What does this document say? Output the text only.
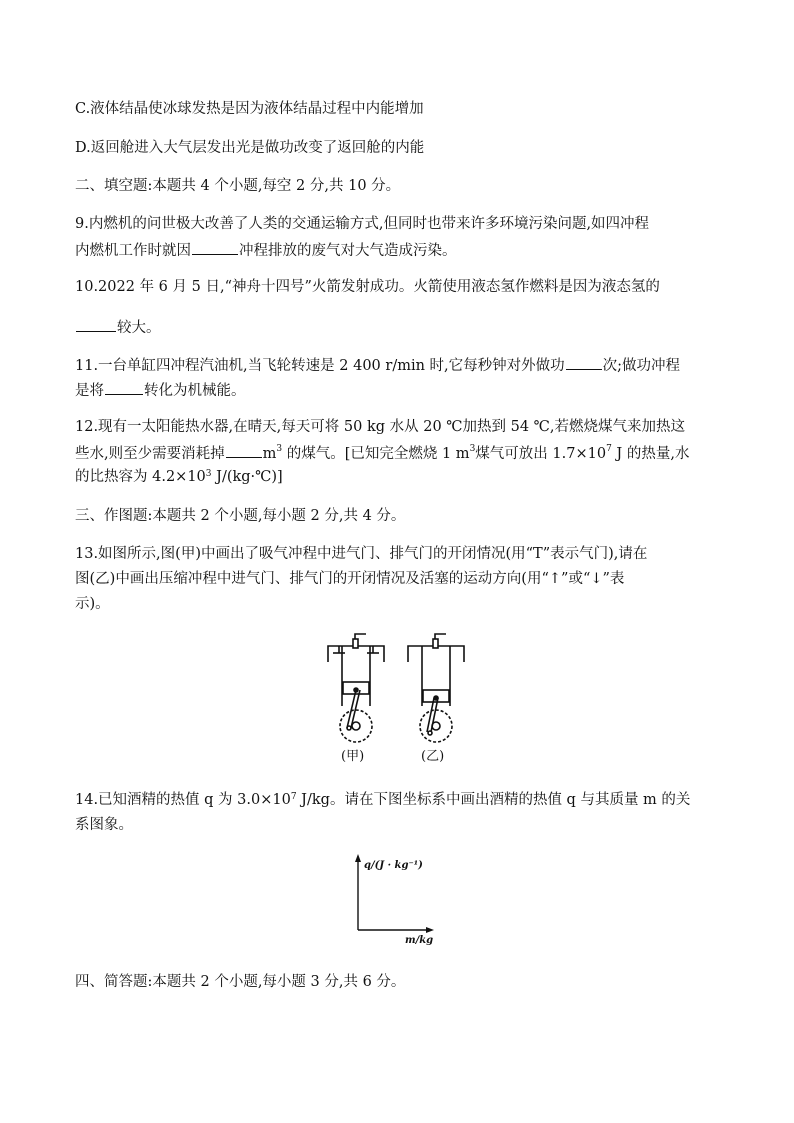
C.液体结晶使冰球发热是因为液体结晶过程中内能增加
D.返回舱进入大气层发出光是做功改变了返回舱的内能
二、填空题:本题共 4 个小题,每空 2 分,共 10 分。
9.内燃机的问世极大改善了人类的交通运输方式,但同时也带来许多环境污染问题,如四冲程
内燃机工作时就因	冲程排放的废气对大气造成污染。
10.2022 年 6 月 5 日,“神舟十四号”火箭发射成功。火箭使用液态氢作燃料是因为液态氢的
较大。
11.一台单缸四冲程汽油机,当飞轮转速是 2 400 r/min 时,它每秒钟对外做功	次;做功冲程
是将	转化为机械能。
12.现有一太阳能热水器,在晴天,每天可将 50 kg 水从 20 ℃加热到 54 ℃,若燃烧煤气来加热这
些水,则至少需要消耗掉	$m^3$ 的煤气。[已知完全燃烧 1 $m^3$煤气可放出 $1.7\times 10^7$ J 的热量,水
的比热容为 $4.2\times 10^3$ J/(kg·℃)]
三、作图题:本题共 2 个小题,每小题 2 分,共 4 分。
13.如图所示,图(甲)中画出了吸气冲程中进气门、排气门的开闭情况(用“T”表示气门),请在
图(乙)中画出压缩冲程中进气门、排气门的开闭情况及活塞的运动方向(用“↑”或“↓”表
示)。
(甲)	(乙)
14.已知酒精的热值 q 为 $3.0\times 10^7$ J/kg。请在下图坐标系中画出酒精的热值 q 与其质量 m 的关
系图象。
q/(J · kg⁻¹)
m/kg
四、简答题:本题共 2 个小题,每小题 3 分,共 6 分。
